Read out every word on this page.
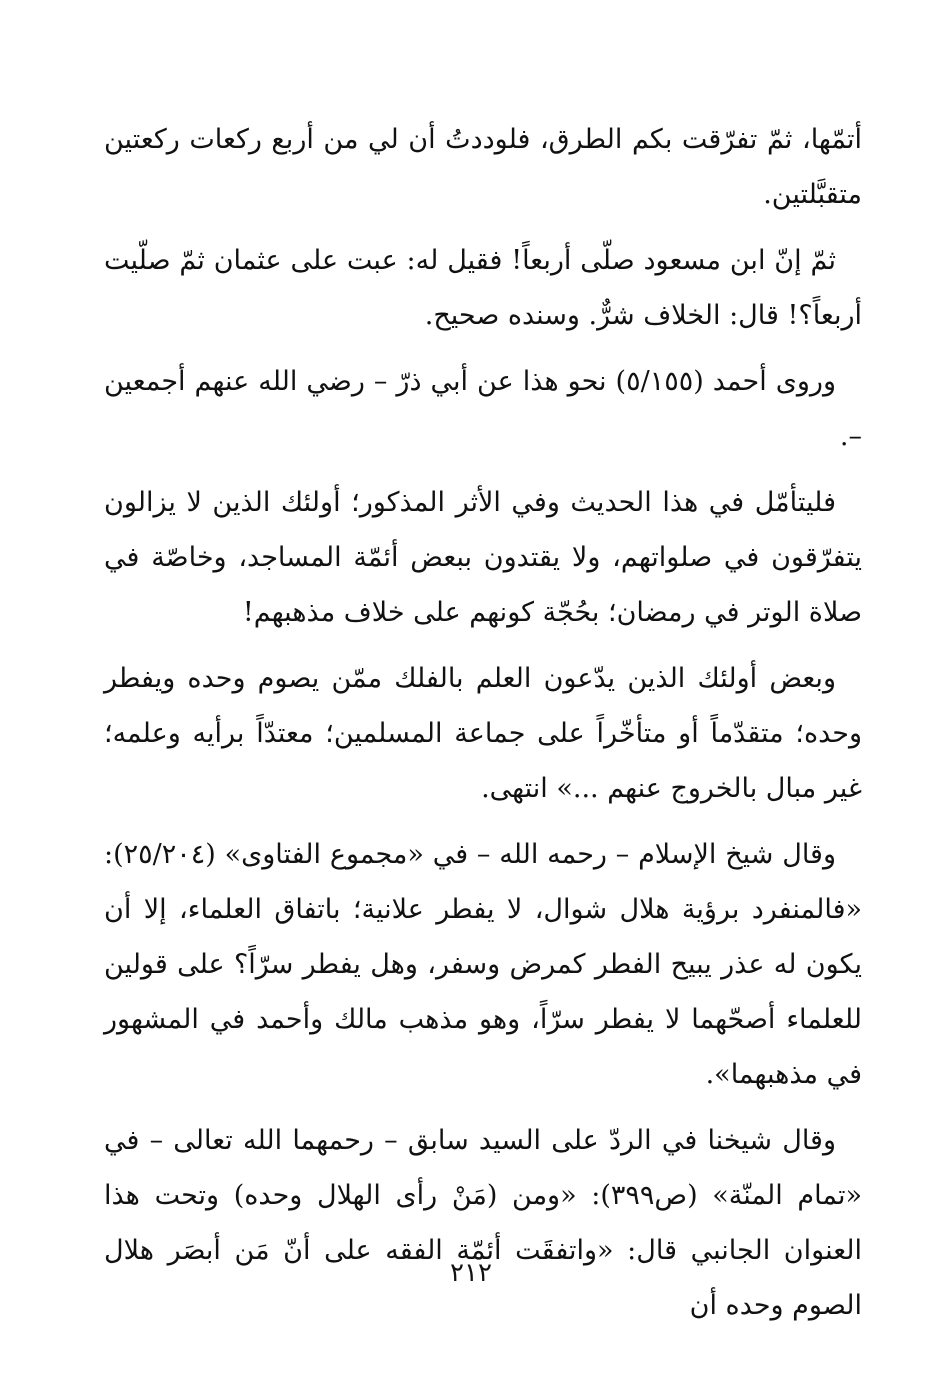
أتمّها، ثمّ تفرّقت بكم الطرق، فلوددتُ أن لي من أربع ركعات ركعتين متقبَّلتين.

ثمّ إنّ ابن مسعود صلّى أربعاً! فقيل له: عبت على عثمان ثمّ صلّيت أربعاً؟! قال: الخلاف شرٌّ. وسنده صحيح.

وروى أحمد (٥/١٥٥) نحو هذا عن أبي ذرّ – رضي الله عنهم أجمعين –.

فليتأمّل في هذا الحديث وفي الأثر المذكور؛ أولئك الذين لا يزالون يتفرّقون في صلواتهم، ولا يقتدون ببعض أئمّة المساجد، وخاصّة في صلاة الوتر في رمضان؛ بحُجّة كونهم على خلاف مذهبهم!

وبعض أولئك الذين يدّعون العلم بالفلك ممّن يصوم وحده ويفطر وحده؛ متقدّماً أو متأخّراً على جماعة المسلمين؛ معتدّاً برأيه وعلمه؛ غير مبال بالخروج عنهم ...» انتهى.

وقال شيخ الإسلام – رحمه الله – في «مجموع الفتاوى» (٢٥/٢٠٤): «فالمنفرد برؤية هلال شوال، لا يفطر علانية؛ باتفاق العلماء، إلا أن يكون له عذر يبيح الفطر كمرض وسفر، وهل يفطر سرّاً؟ على قولين للعلماء أصحّهما لا يفطر سرّاً، وهو مذهب مالك وأحمد في المشهور في مذهبهما».

وقال شيخنا في الردّ على السيد سابق – رحمهما الله تعالى – في «تمام المنّة» (ص٣٩٩): «ومن (مَنْ رأى الهلال وحده) وتحت هذا العنوان الجانبي قال: «واتفقَت أئمّة الفقه على أنّ مَن أبصَر هلال الصوم وحده أن

٢١٢
